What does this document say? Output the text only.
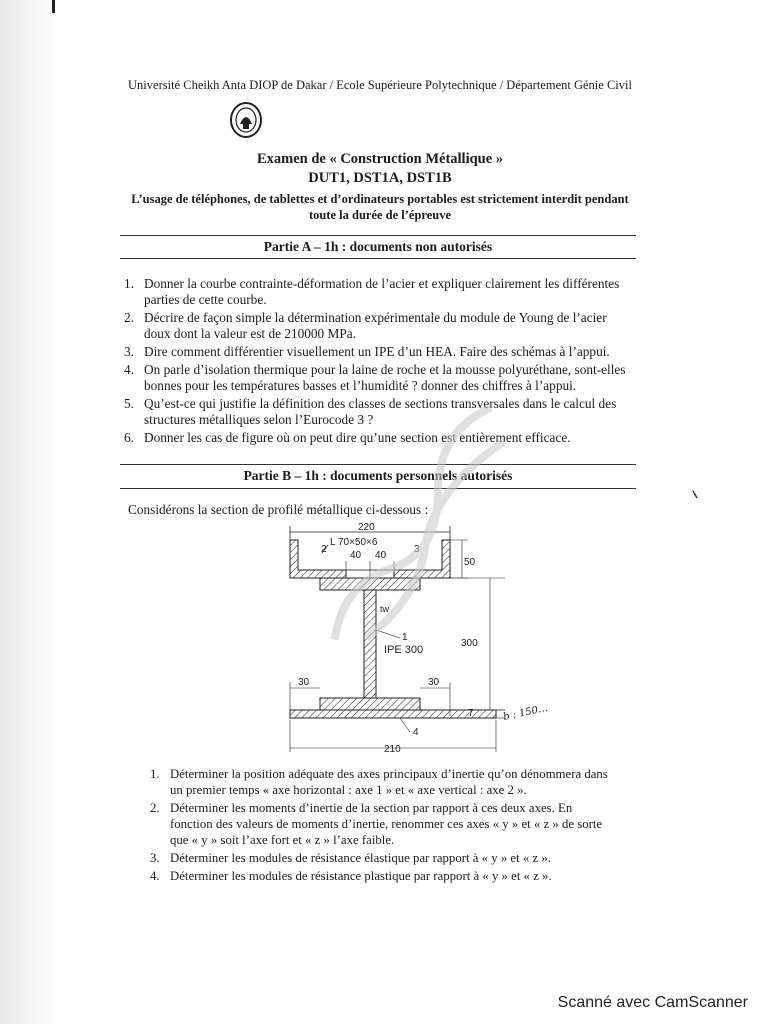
Université Cheikh Anta DIOP de Dakar / Ecole Supérieure Polytechnique / Département Génie Civil
Examen de « Construction Métallique »
DUT1, DST1A, DST1B
L’usage de téléphones, de tablettes et d’ordinateurs portables est strictement interdit pendant
toute la durée de l’épreuve
Partie A – 1h : documents non autorisés
1. Donner la courbe contrainte-déformation de l’acier et expliquer clairement les différentes
parties de cette courbe.
2. Décrire de façon simple la détermination expérimentale du module de Young de l’acier
doux dont la valeur est de 210000 MPa.
3. Dire comment différentier visuellement un IPE d’un HEA. Faire des schémas à l’appui.
4. On parle d’isolation thermique pour la laine de roche et la mousse polyuréthane, sont-elles
bonnes pour les températures basses et l’humidité ? donner des chiffres à l’appui.
5. Qu’est-ce qui justifie la définition des classes de sections transversales dans le calcul des
structures métalliques selon l’Eurocode 3 ?
6. Donner les cas de figure où on peut dire qu’une section est entièrement efficace.
Partie B – 1h : documents personnels autorisés
Considérons la section de profilé métallique ci-dessous :
220
L 70×50×6
40 40
2	3
50
tw
1
IPE 300
300
30	30
7
4
210
b : 150…
1. Déterminer la position adéquate des axes principaux d’inertie qu’on dénommera dans
un premier temps « axe horizontal : axe 1 » et « axe vertical : axe 2 ».
2. Déterminer les moments d’inertie de la section par rapport à ces deux axes. En
fonction des valeurs de moments d’inertie, renommer ces axes « y » et « z » de sorte
que « y » soit l’axe fort et « z » l’axe faible.
3. Déterminer les modules de résistance élastique par rapport à « y » et « z ».
4. Déterminer les modules de résistance plastique par rapport à « y » et « z ».
Scanné avec CamScanner
